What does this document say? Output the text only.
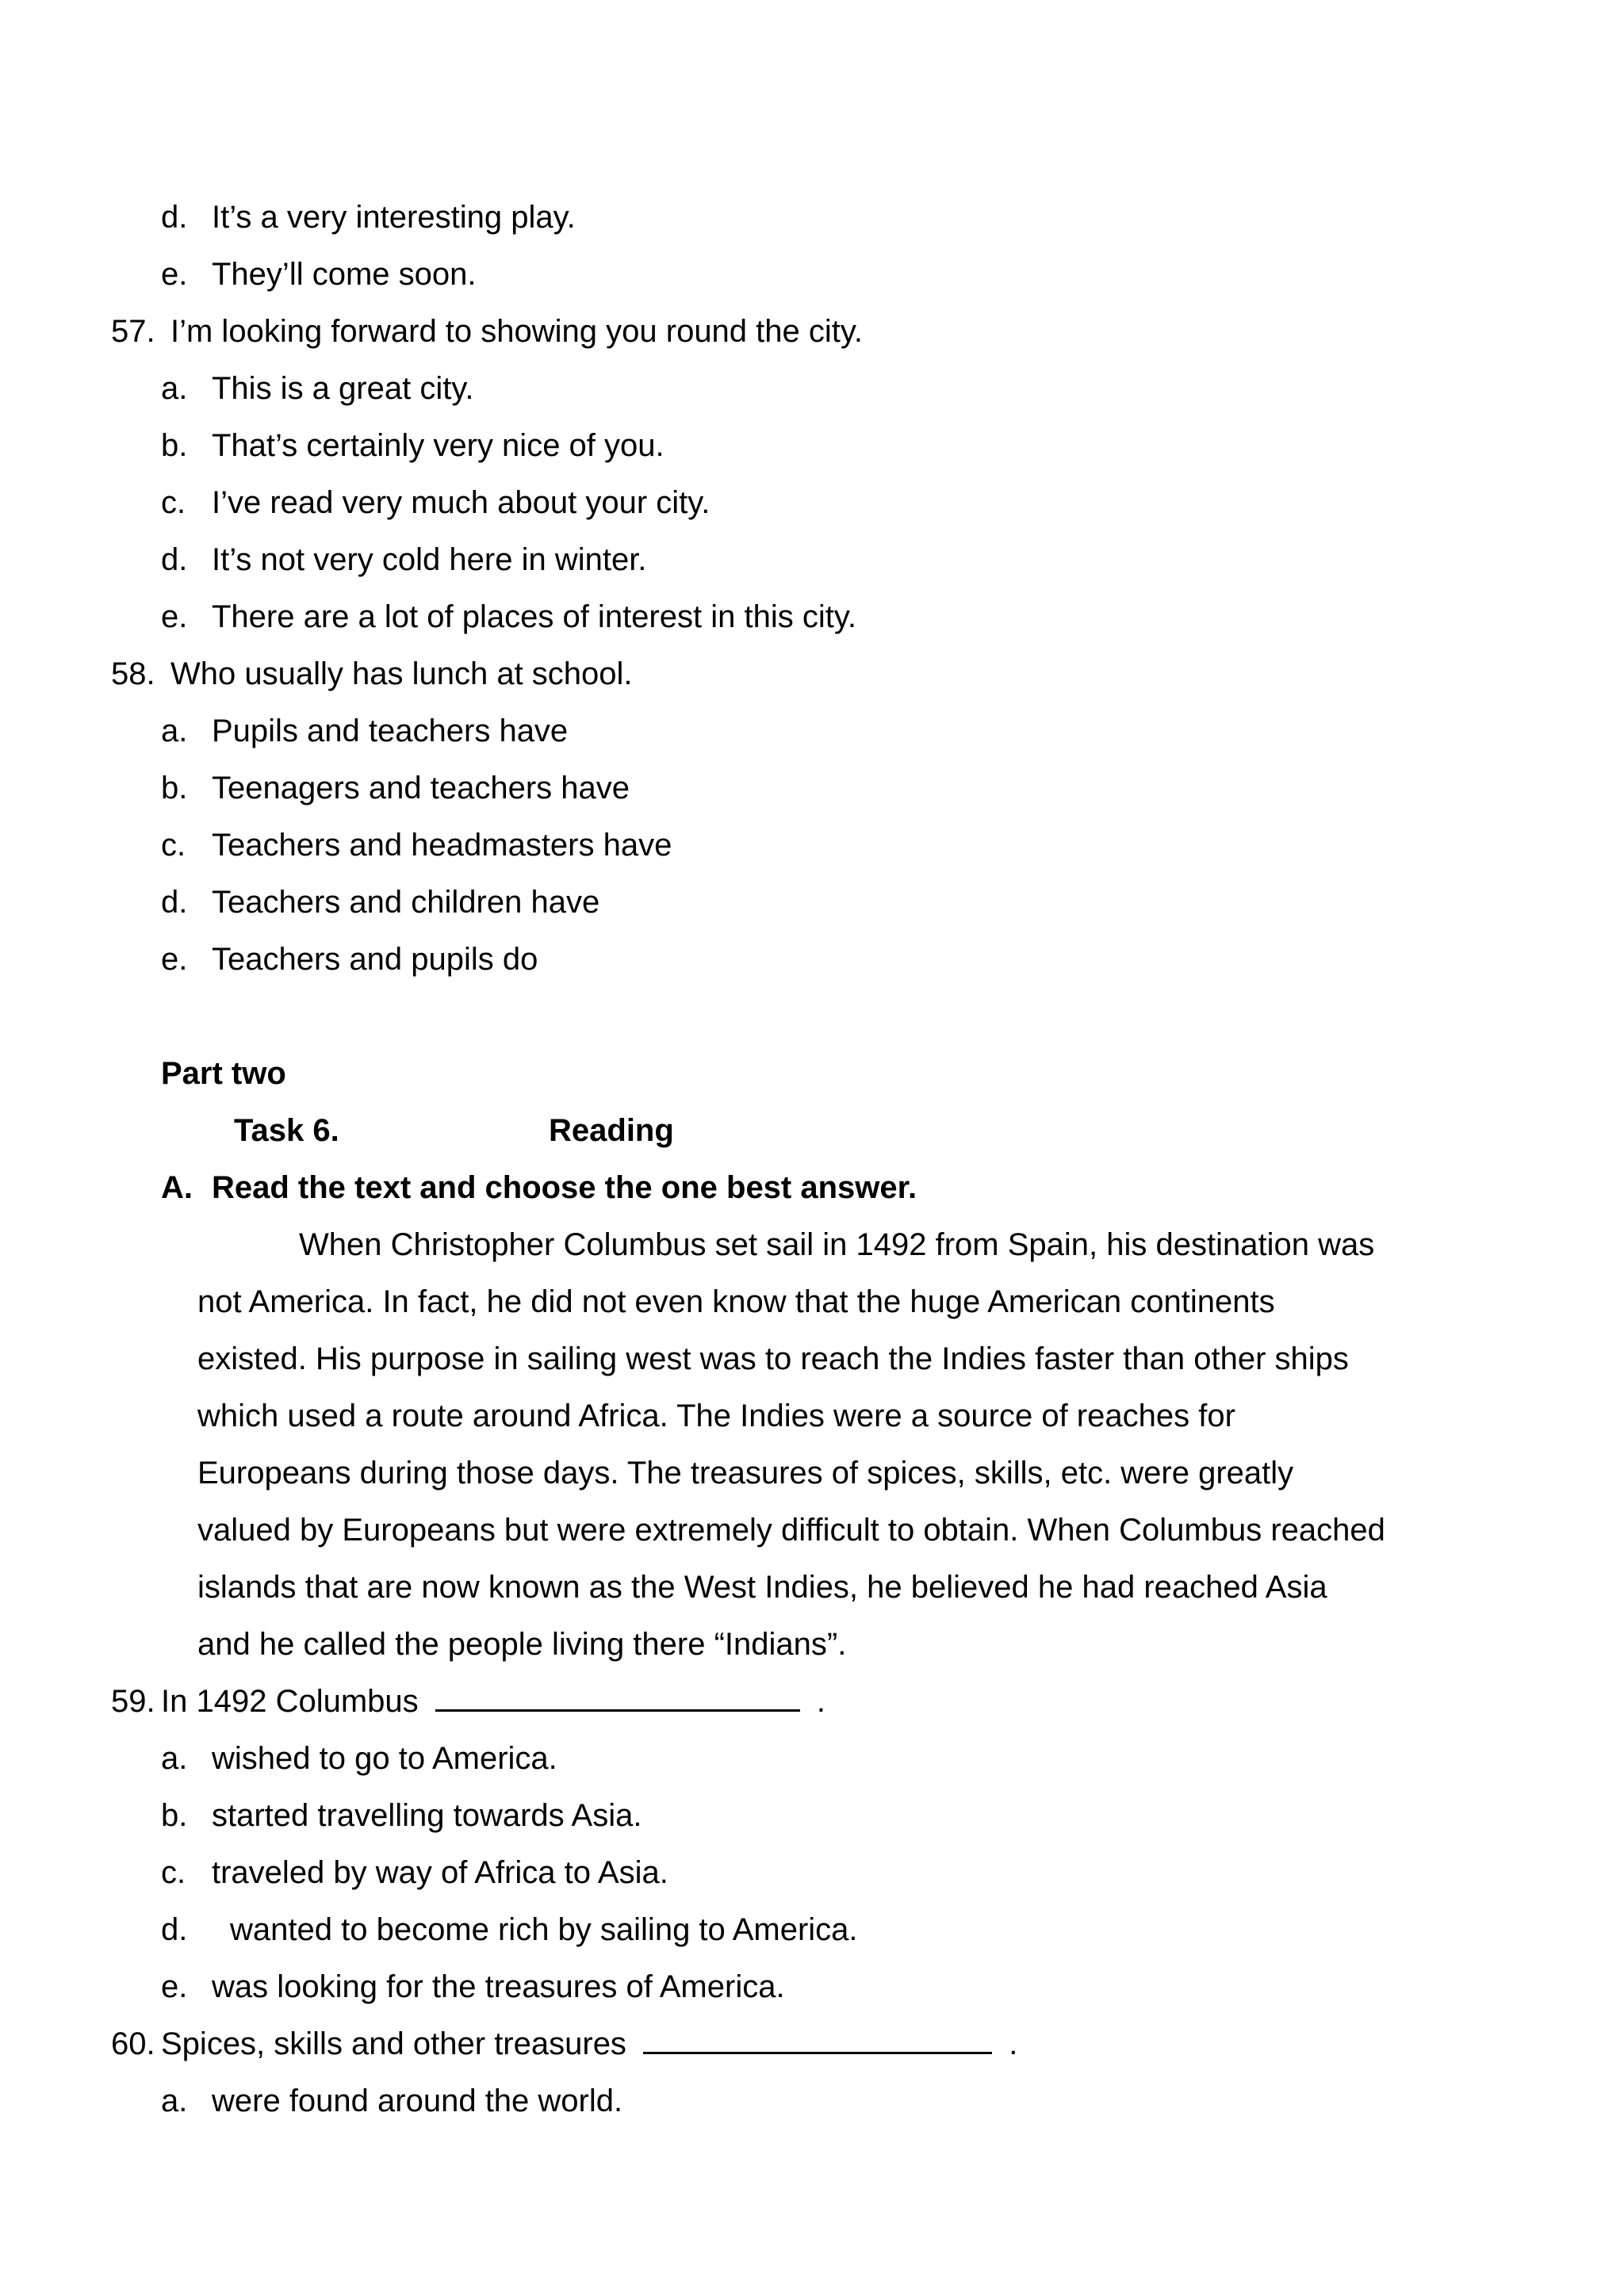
d. It’s a very interesting play.
e. They’ll come soon.
57. I’m looking forward to showing you round the city.
a. This is a great city.
b. That’s certainly very nice of you.
c. I’ve read very much about your city.
d. It’s not very cold here in winter.
e. There are a lot of places of interest in this city.
58. Who usually has lunch at school.
a. Pupils and teachers have
b. Teenagers and teachers have
c. Teachers and headmasters have
d. Teachers and children have
e. Teachers and pupils do
Part two
Task 6.	Reading
A. Read the text and choose the one best answer.
When Christopher Columbus set sail in 1492 from Spain, his destination was
not America. In fact, he did not even know that the huge American continents
existed. His purpose in sailing west was to reach the Indies faster than other ships
which used a route around Africa. The Indies were a source of reaches for
Europeans during those days. The treasures of spices, skills, etc. were greatly
valued by Europeans but were extremely difficult to obtain. When Columbus reached
islands that are now known as the West Indies, he believed he had reached Asia
and he called the people living there “Indians”.
59. In 1492 Columbus	.
a. wished to go to America.
b. started travelling towards Asia.
c. traveled by way of Africa to Asia.
d. wanted to become rich by sailing to America.
e. was looking for the treasures of America.
60. Spices, skills and other treasures	.
a. were found around the world.
